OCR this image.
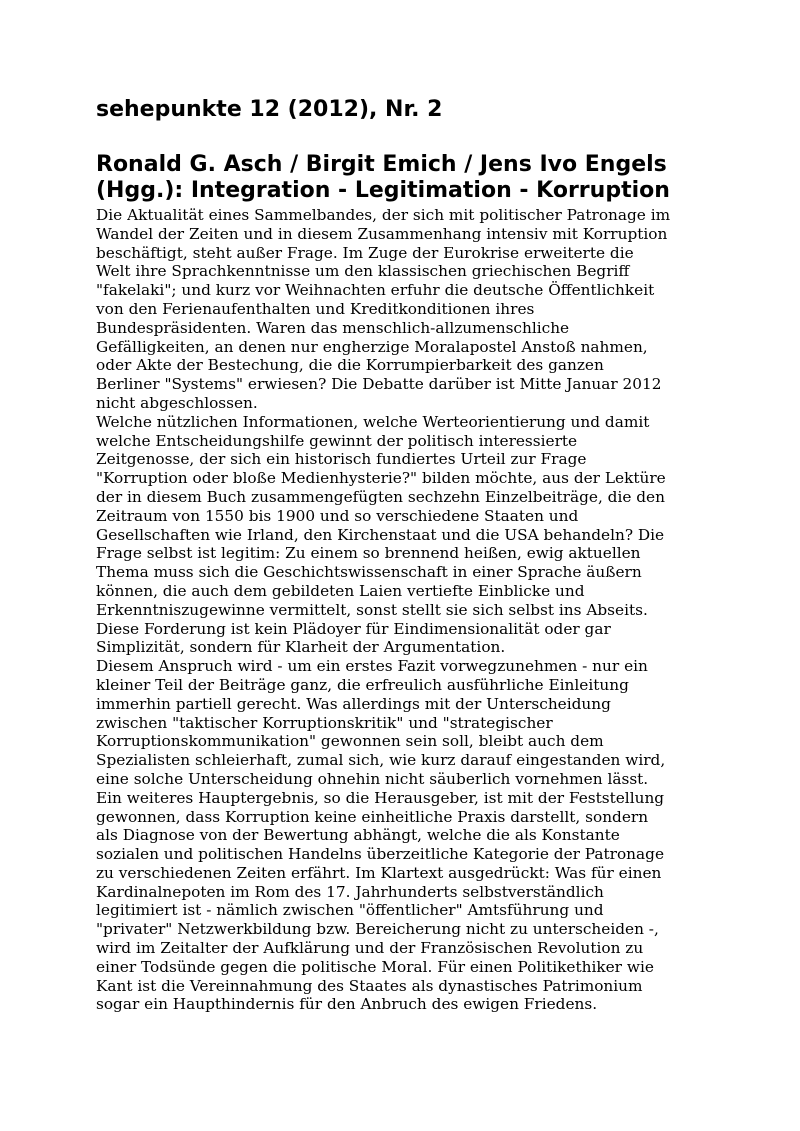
sehepunkte 12 (2012), Nr. 2
Ronald G. Asch / Birgit Emich / Jens Ivo Engels
(Hgg.): Integration - Legitimation - Korruption

Die Aktualität eines Sammelbandes, der sich mit politischer Patronage im
Wandel der Zeiten und in diesem Zusammenhang intensiv mit Korruption
beschäftigt, steht außer Frage. Im Zuge der Eurokrise erweiterte die
Welt ihre Sprachkenntnisse um den klassischen griechischen Begriff
"fakelaki"; und kurz vor Weihnachten erfuhr die deutsche Öffentlichkeit
von den Ferienaufenthalten und Kreditkonditionen ihres
Bundespräsidenten. Waren das menschlich-allzumenschliche
Gefälligkeiten, an denen nur engherzige Moralapostel Anstoß nahmen,
oder Akte der Bestechung, die die Korrumpierbarkeit des ganzen
Berliner "Systems" erwiesen? Die Debatte darüber ist Mitte Januar 2012
nicht abgeschlossen.

Welche nützlichen Informationen, welche Werteorientierung und damit
welche Entscheidungshilfe gewinnt der politisch interessierte
Zeitgenosse, der sich ein historisch fundiertes Urteil zur Frage
"Korruption oder bloße Medienhysterie?" bilden möchte, aus der Lektüre
der in diesem Buch zusammengefügten sechzehn Einzelbeiträge, die den
Zeitraum von 1550 bis 1900 und so verschiedene Staaten und
Gesellschaften wie Irland, den Kirchenstaat und die USA behandeln? Die
Frage selbst ist legitim: Zu einem so brennend heißen, ewig aktuellen
Thema muss sich die Geschichtswissenschaft in einer Sprache äußern
können, die auch dem gebildeten Laien vertiefte Einblicke und
Erkenntniszugewinne vermittelt, sonst stellt sie sich selbst ins Abseits.
Diese Forderung ist kein Plädoyer für Eindimensionalität oder gar
Simplizität, sondern für Klarheit der Argumentation.

Diesem Anspruch wird - um ein erstes Fazit vorwegzunehmen - nur ein
kleiner Teil der Beiträge ganz, die erfreulich ausführliche Einleitung
immerhin partiell gerecht. Was allerdings mit der Unterscheidung
zwischen "taktischer Korruptionskritik" und "strategischer
Korruptionskommunikation" gewonnen sein soll, bleibt auch dem
Spezialisten schleierhaft, zumal sich, wie kurz darauf eingestanden wird,
eine solche Unterscheidung ohnehin nicht säuberlich vornehmen lässt.
Ein weiteres Hauptergebnis, so die Herausgeber, ist mit der Feststellung
gewonnen, dass Korruption keine einheitliche Praxis darstellt, sondern
als Diagnose von der Bewertung abhängt, welche die als Konstante
sozialen und politischen Handelns überzeitliche Kategorie der Patronage
zu verschiedenen Zeiten erfährt. Im Klartext ausgedrückt: Was für einen
Kardinalnepoten im Rom des 17. Jahrhunderts selbstverständlich
legitimiert ist - nämlich zwischen "öffentlicher" Amtsführung und
"privater" Netzwerkbildung bzw. Bereicherung nicht zu unterscheiden -,
wird im Zeitalter der Aufklärung und der Französischen Revolution zu
einer Todsünde gegen die politische Moral. Für einen Politikethiker wie
Kant ist die Vereinnahmung des Staates als dynastisches Patrimonium
sogar ein Haupthindernis für den Anbruch des ewigen Friedens.
